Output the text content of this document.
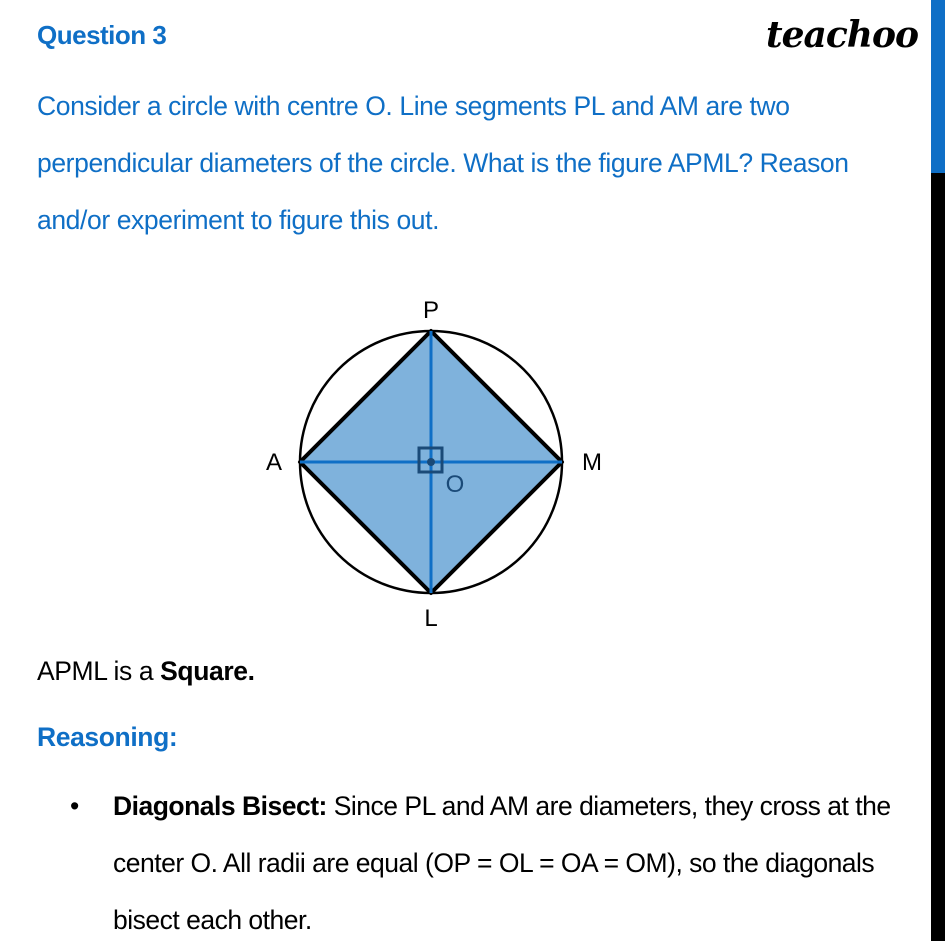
Question 3	teachoo
Consider a circle with centre O. Line segments PL and AM are two perpendicular diameters of the circle. What is the figure APML? Reason and/or experiment to figure this out.
P
A	M
L
O
APML is a Square.
Reasoning:
• Diagonals Bisect: Since PL and AM are diameters, they cross at the center O. All radii are equal (OP = OL = OA = OM), so the diagonals bisect each other.
